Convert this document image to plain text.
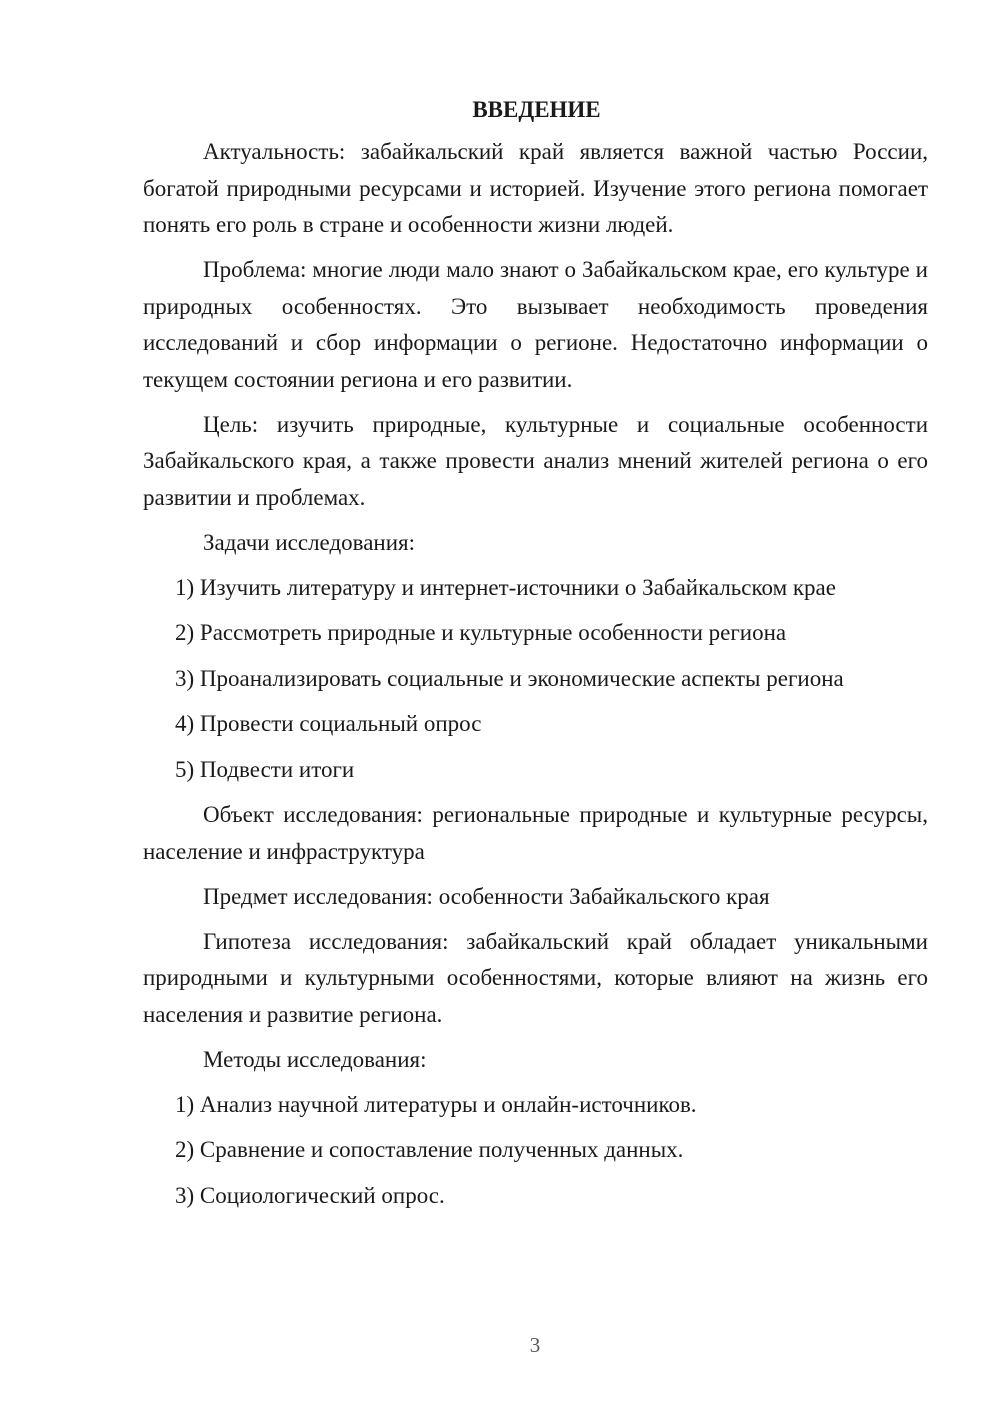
ВВЕДЕНИЕ

Актуальность: забайкальский край является важной частью России, богатой природными ресурсами и историей. Изучение этого региона помогает понять его роль в стране и особенности жизни людей.

Проблема: многие люди мало знают о Забайкальском крае, его культуре и природных особенностях. Это вызывает необходимость проведения исследований и сбор информации о регионе. Недостаточно информации о текущем состоянии региона и его развитии.

Цель: изучить природные, культурные и социальные особенности Забайкальского края, а также провести анализ мнений жителей региона о его развитии и проблемах.

Задачи исследования:

1) Изучить литературу и интернет-источники о Забайкальском крае
2) Рассмотреть природные и культурные особенности региона
3) Проанализировать социальные и экономические аспекты региона
4) Провести социальный опрос
5) Подвести итоги

Объект исследования: региональные природные и культурные ресурсы, население и инфраструктура

Предмет исследования: особенности Забайкальского края

Гипотеза исследования: забайкальский край обладает уникальными природными и культурными особенностями, которые влияют на жизнь его населения и развитие региона.

Методы исследования:

1) Анализ научной литературы и онлайн-источников.
2) Сравнение и сопоставление полученных данных.
3) Социологический опрос.
3
